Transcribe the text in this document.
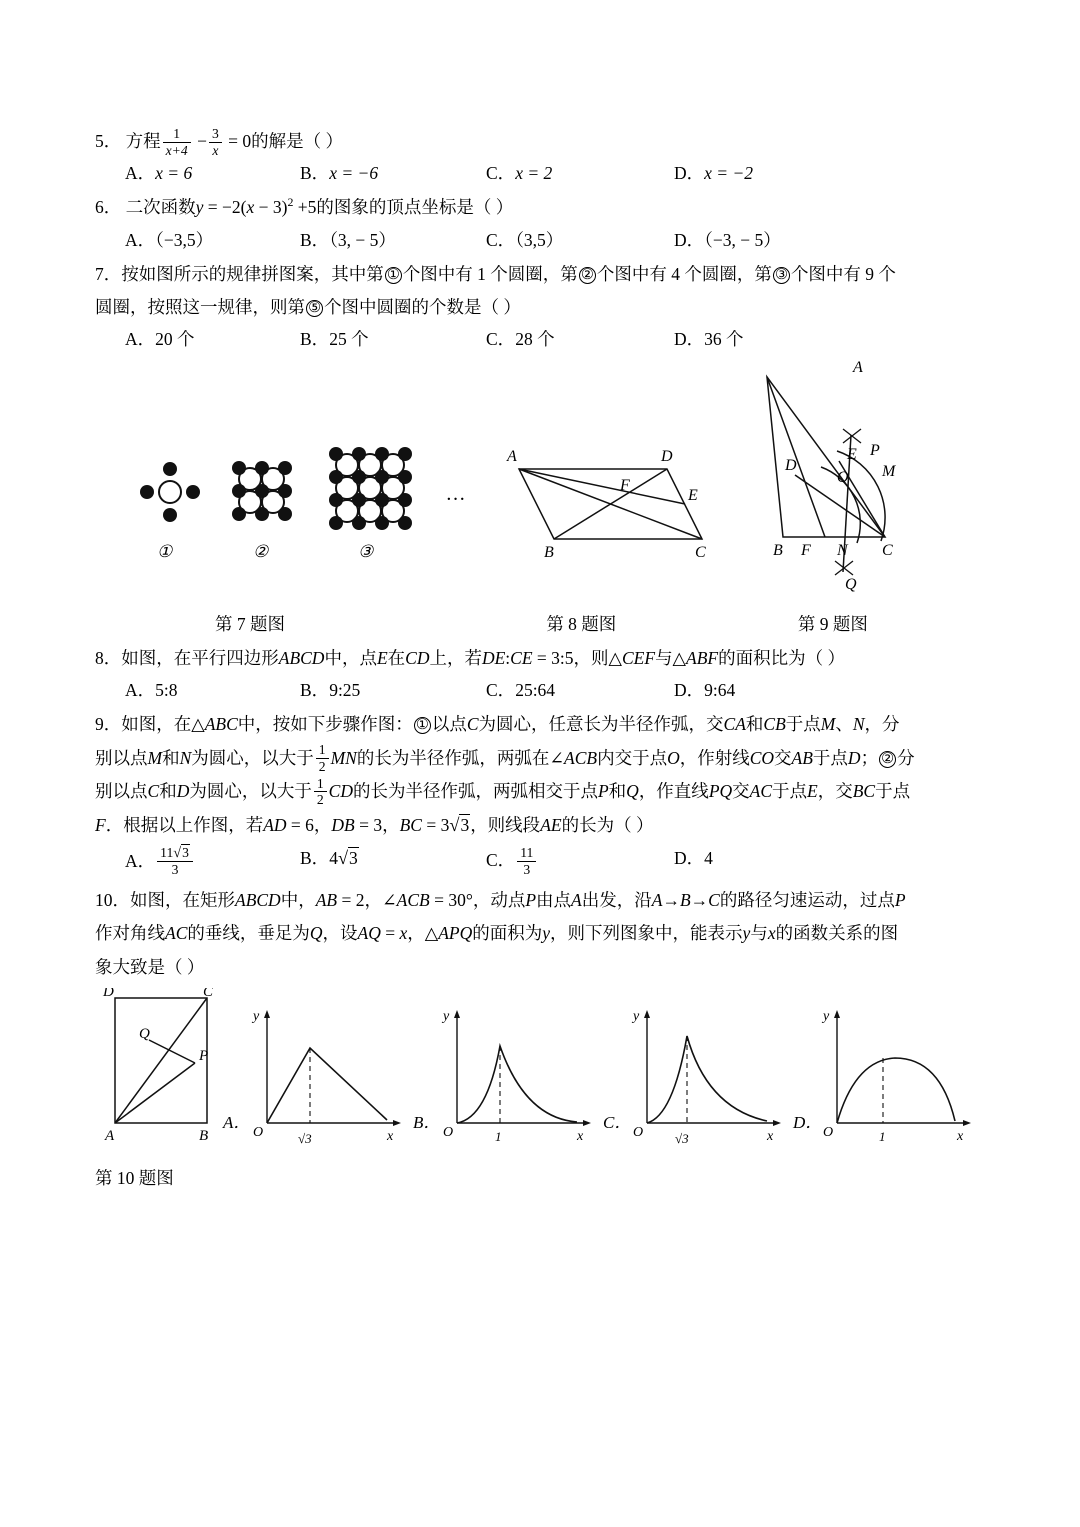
5． 方程 $\frac{1}{x+4} - \frac{3}{x} = 0$的解是（ ）
A．x = 6	B．x = −6	C．x = 2	D．x = −2
6． 二次函数$y = -2(x - 3)^2 +5$的图象的顶点坐标是（ ）
A．（−3,5）	B．（3, − 5）	C．（3,5）	D．（−3, − 5）
7．按如图所示的规律拼图案，其中第 ① 个图中有 1 个圆圈，第 ② 个图中有 4 个圆圈，第 ③ 个图中有 9 个
圆圈，按照这一规律，则第 ⑤ 个图中圆圈的个数是（ ）
A．20 个	B．25 个	C．28 个	D．36 个
①	②	③
…
A	D
B	C
E
F
A
E P
D
O M
B F N C
Q
第 7 题图	第 8 题图	第 9 题图
8．如图，在平行四边形ABCD中，点E在CD上，若DE:CE = 3:5，则△CEF与△ABF的面积比为（ ）
A．5:8	B．9:25	C．25:64	D．9:64
9．如图，在△ABC中，按如下步骤作图： ① 以点C为圆心，任意长为半径作弧，交CA和CB于点M、N，分
别以点M和N为圆心，以大于 $\frac{1}{2}$ MN的长为半径作弧，两弧在∠ACB内交于点O，作射线CO交AB于点D； ② 分
别以点C和D为圆心，以大于 $\frac{1}{2}$ CD的长为半径作弧，两弧相交于点P和Q，作直线PQ交AC于点E，交BC于点
F．根据以上作图，若AD = 6，DB = 3，BC = 3√3，则线段AE的长为（ ）
A． $\frac{11√3}{3}$	B．4√3	C． $\frac{11}{3}$	D．4
10．如图，在矩形ABCD中，AB = 2，∠ACB = 30°，动点P由点A出发，沿A→B→C的路径匀速运动，过点P
作对角线AC的垂线，垂足为Q，设AQ = x，△APQ的面积为y，则下列图象中，能表示y与x的函数关系的图
象大致是（ ）
D	C
Q
P
A	B
A．
O	√3	x
y
B．
O	1	x
y
C．
O √3	x
y
D．
O	1	x
y
第 10 题图
